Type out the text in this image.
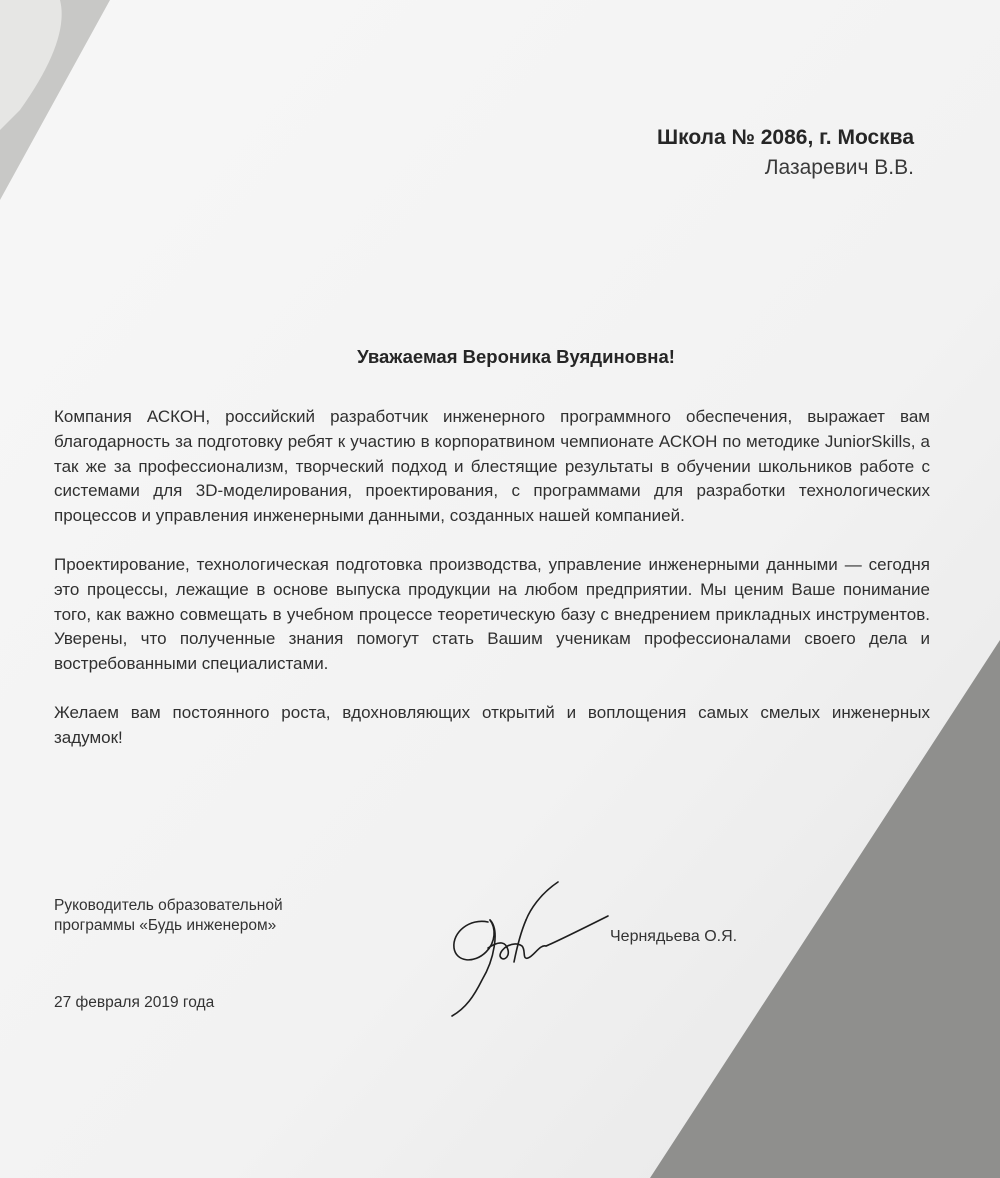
Школа № 2086, г. Москва
Лазаревич В.В.
Уважаемая Вероника Вуядиновна!

Компания АСКОН, российский разработчик инженерного программного обеспечения, выражает вам благодарность за подготовку ребят к участию в корпоратвином чемпионате АСКОН по методике JuniorSkills, а так же за профессионализм, творческий подход и блестящие результаты в обучении школьников работе с системами для 3D-моделирования, проектирования, с программами для разработки технологических процессов и управления инженерными данными, созданных нашей компанией.

Проектирование, технологическая подготовка производства, управление инженерными данными — сегодня это процессы, лежащие в основе выпуска продукции на любом предприятии. Мы ценим Ваше понимание того, как важно совмещать в учебном процессе теоретическую базу с внедрением прикладных инструментов. Уверены, что полученные знания помогут стать Вашим ученикам профессионалами своего дела и востребованными специалистами.

Желаем вам постоянного роста, вдохновляющих открытий и воплощения самых смелых инженерных задумок!

Руководитель образовательной
программы «Будь инженером»
Чернядьева О.Я.
27 февраля 2019 года
